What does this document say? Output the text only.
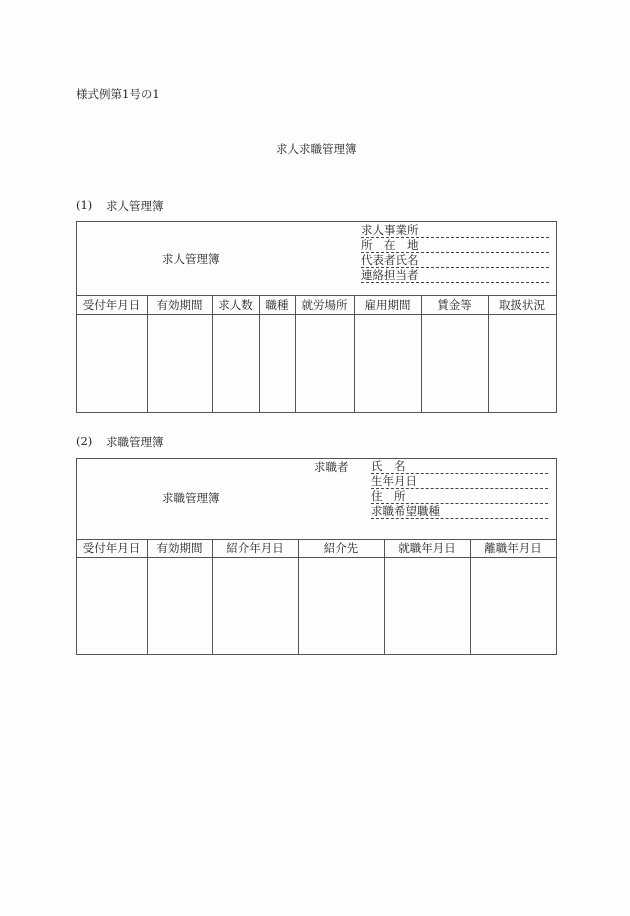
様式例第1号の1
求人求職管理簿
(1) 求人管理簿
求人管理簿
求人事業所
所　在　地
代表者氏名
連絡担当者
受付年月日	有効期間	求人数	職種	就労場所	雇用期間	賃金等	取扱状況
(2) 求職管理簿
求職管理簿
求職者 氏　名
生年月日
住　所
求職希望職種
受付年月日	有効期間	紹介年月日	紹介先	就職年月日	離職年月日
